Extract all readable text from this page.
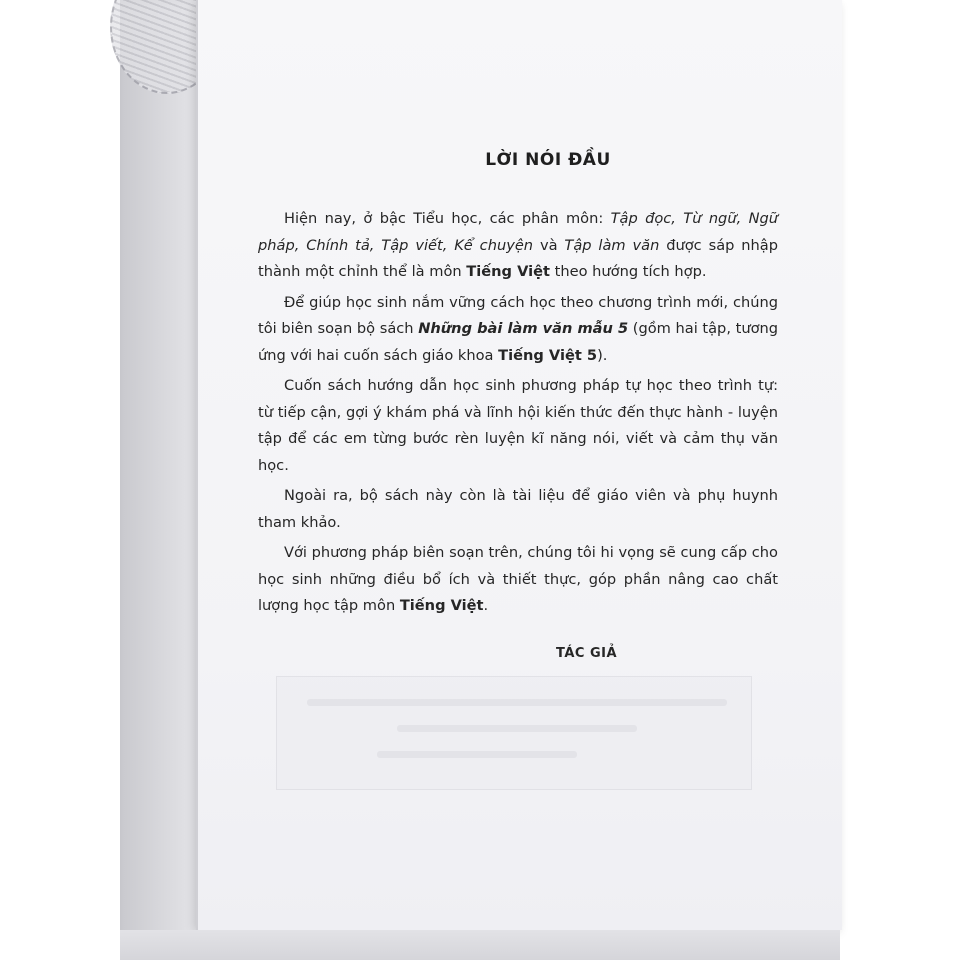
LỜI NÓI ĐẦU

Hiện nay, ở bậc Tiểu học, các phân môn: Tập đọc, Từ ngữ, Ngữ pháp, Chính tả, Tập viết, Kể chuyện và Tập làm văn được sáp nhập thành một chỉnh thể là môn Tiếng Việt theo hướng tích hợp.

Để giúp học sinh nắm vững cách học theo chương trình mới, chúng tôi biên soạn bộ sách Những bài làm văn mẫu 5 (gồm hai tập, tương ứng với hai cuốn sách giáo khoa Tiếng Việt 5).

Cuốn sách hướng dẫn học sinh phương pháp tự học theo trình tự: từ tiếp cận, gợi ý khám phá và lĩnh hội kiến thức đến thực hành - luyện tập để các em từng bước rèn luyện kĩ năng nói, viết và cảm thụ văn học.

Ngoài ra, bộ sách này còn là tài liệu để giáo viên và phụ huynh tham khảo.

Với phương pháp biên soạn trên, chúng tôi hi vọng sẽ cung cấp cho học sinh những điều bổ ích và thiết thực, góp phần nâng cao chất lượng học tập môn Tiếng Việt.

TÁC GIẢ
